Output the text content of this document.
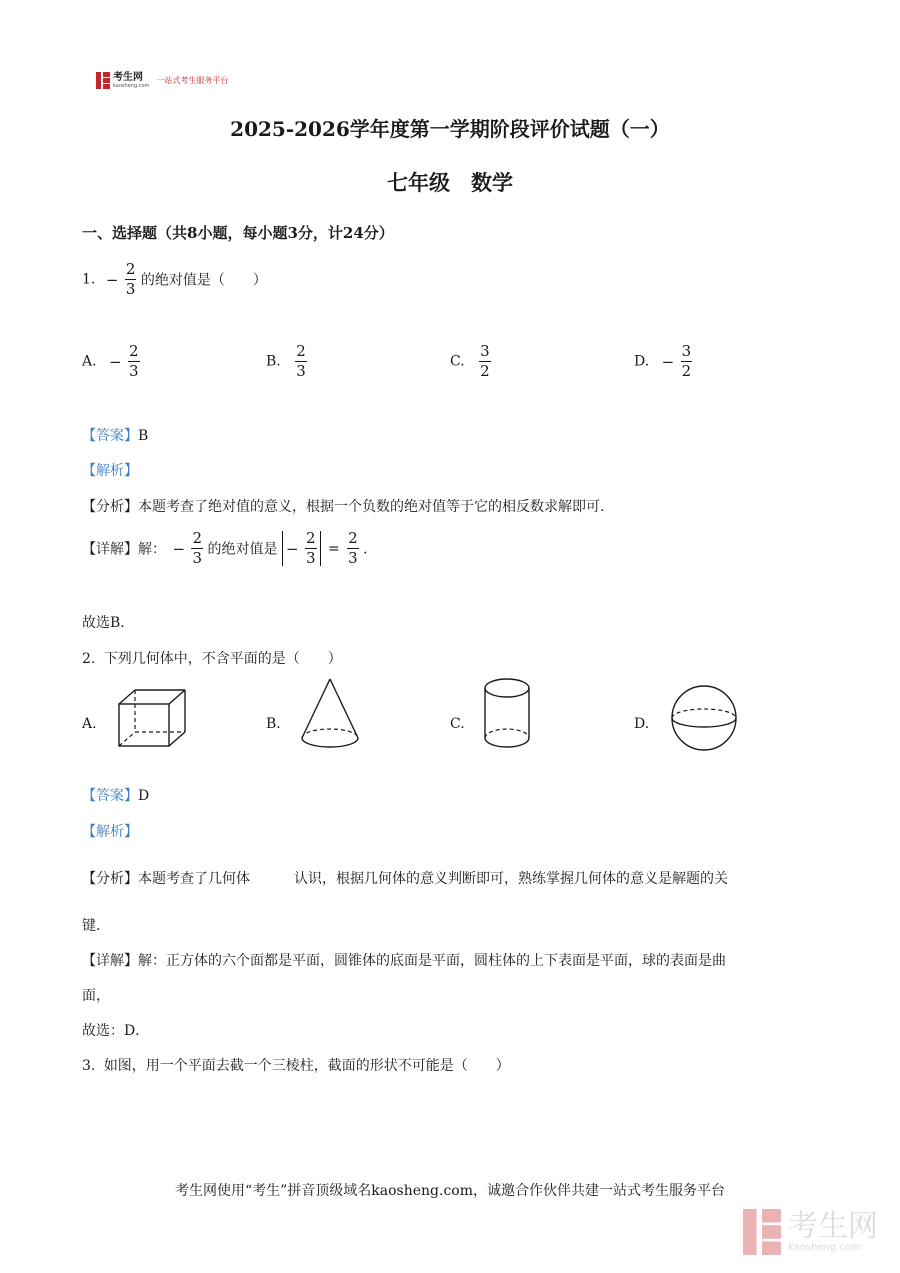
考生网
kaosheng.com
一站式考生服务平台
2025-2026学年度第一学期阶段评价试题（一）
七年级　数学
一、选择题（共8小题，每小题3分，计24分）
1. − $\frac{2}{3}$ 的绝对值是（　　）
A. − $\frac{2}{3}$	B. $\frac{2}{3}$	C. $\frac{3}{2}$	D. − $\frac{3}{2}$
【答案】B
【解析】
【分析】本题考查了绝对值的意义，根据一个负数的绝对值等于它的相反数求解即可．
【详解】解： − $\frac{2}{3}$ 的绝对值是 − $\frac{2}{3} = \frac{2}{3}$ ．
故选B．
2. 下列几何体中，不含平面的是（　　）
A.	B.	C.	D.
【答案】D
【解析】
【分析】本题考查了几何体	认识，根据几何体的意义判断即可，熟练掌握几何体的意义是解题的关
键．
【详解】解：正方体的六个面都是平面，圆锥体的底面是平面，圆柱体的上下表面是平面，球的表面是曲
面，
故选：D．
3. 如图，用一个平面去截一个三棱柱，截面的形状不可能是（　　）
考生网使用“考生”拼音顶级域名kaosheng.com，诚邀合作伙伴共建一站式考生服务平台
考生网
kaosheng.com
